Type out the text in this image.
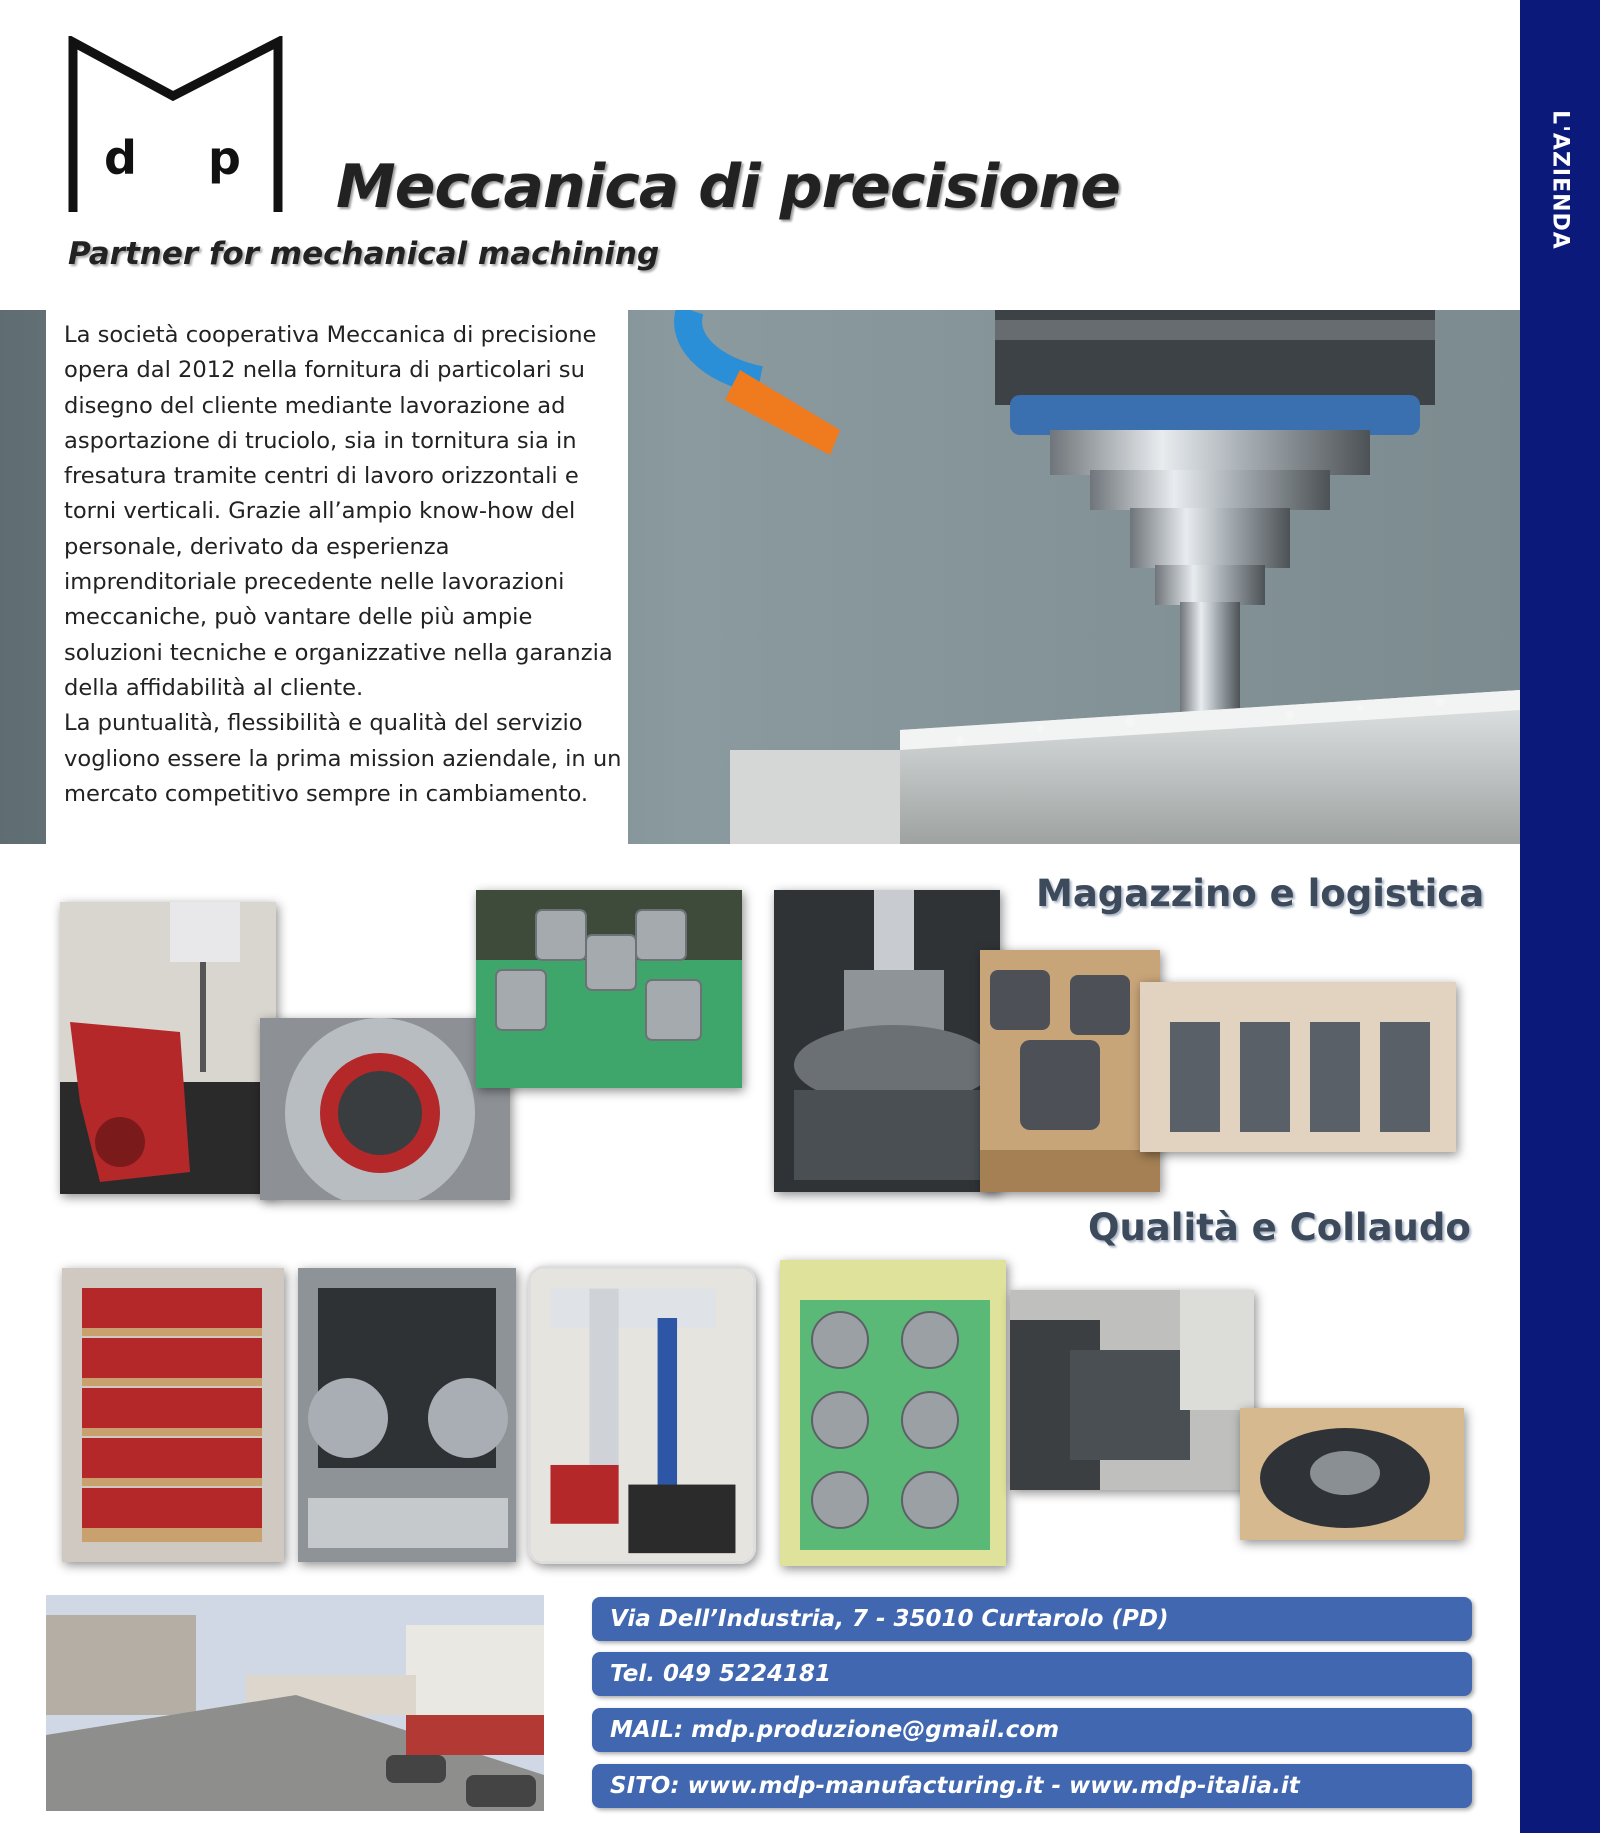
L'AZIENDA
d p Meccanica di precisione
Partner for mechanical machining

La società cooperativa Meccanica di precisione opera dal 2012 nella fornitura di particolari su disegno del cliente mediante lavorazione ad asportazione di truciolo, sia in tornitura sia in fresatura tramite centri di lavoro orizzontali e torni verticali. Grazie all’ampio know-how del personale, derivato da esperienza imprenditoriale precedente nelle lavorazioni meccaniche, può vantare delle più ampie soluzioni tecniche e organizzative nella garanzia della affidabilità al cliente.

La puntualità, flessibilità e qualità del servizio vogliono essere la prima mission aziendale, in un mercato competitivo sempre in cambiamento.

Magazzino e logistica
Qualità e Collaudo
Via Dell’Industria, 7 - 35010 Curtarolo (PD)
Tel. 049 5224181
MAIL: mdp.produzione@gmail.com
SITO: www.mdp-manufacturing.it - www.mdp-italia.it
